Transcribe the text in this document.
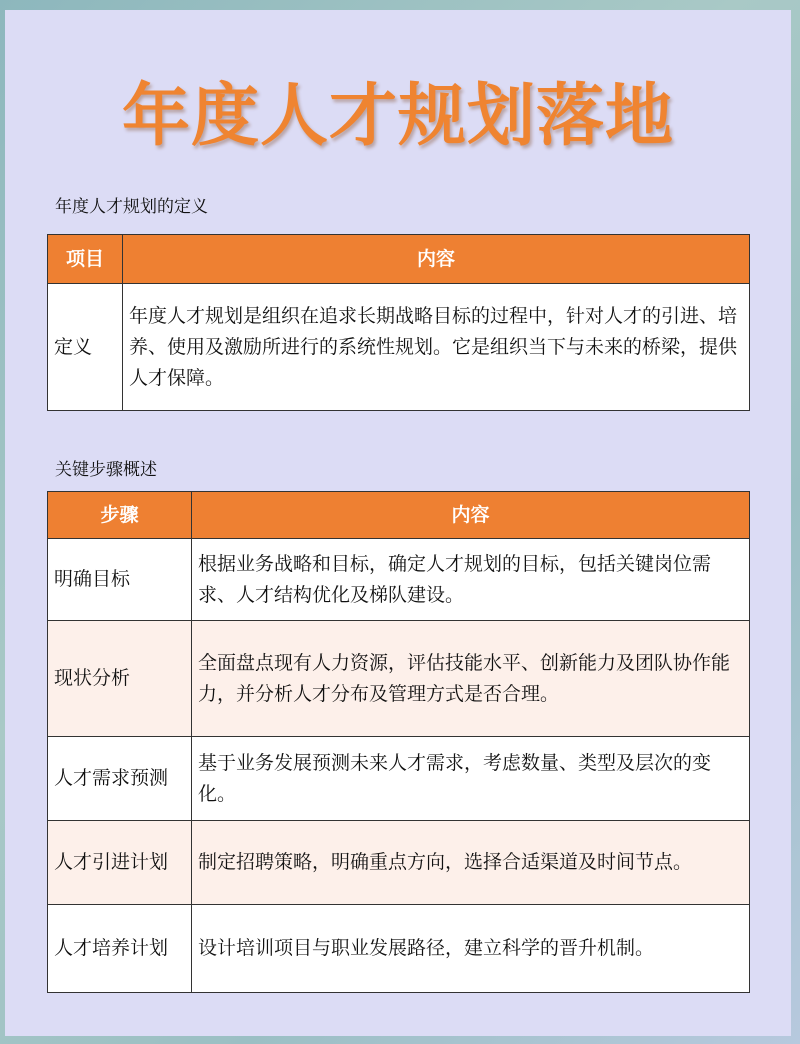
年度人才规划落地
年度人才规划的定义
项目	内容
定义	年度人才规划是组织在追求长期战略目标的过程中，针对人才的引进、培养、使用及激励所进行的系统性规划。它是组织当下与未来的桥梁，提供人才保障。
关键步骤概述
步骤	内容
明确目标	根据业务战略和目标，确定人才规划的目标，包括关键岗位需求、人才结构优化及梯队建设。
现状分析	全面盘点现有人力资源，评估技能水平、创新能力及团队协作能力，并分析人才分布及管理方式是否合理。
人才需求预测	基于业务发展预测未来人才需求，考虑数量、类型及层次的变化。
人才引进计划	制定招聘策略，明确重点方向，选择合适渠道及时间节点。
人才培养计划	设计培训项目与职业发展路径，建立科学的晋升机制。
